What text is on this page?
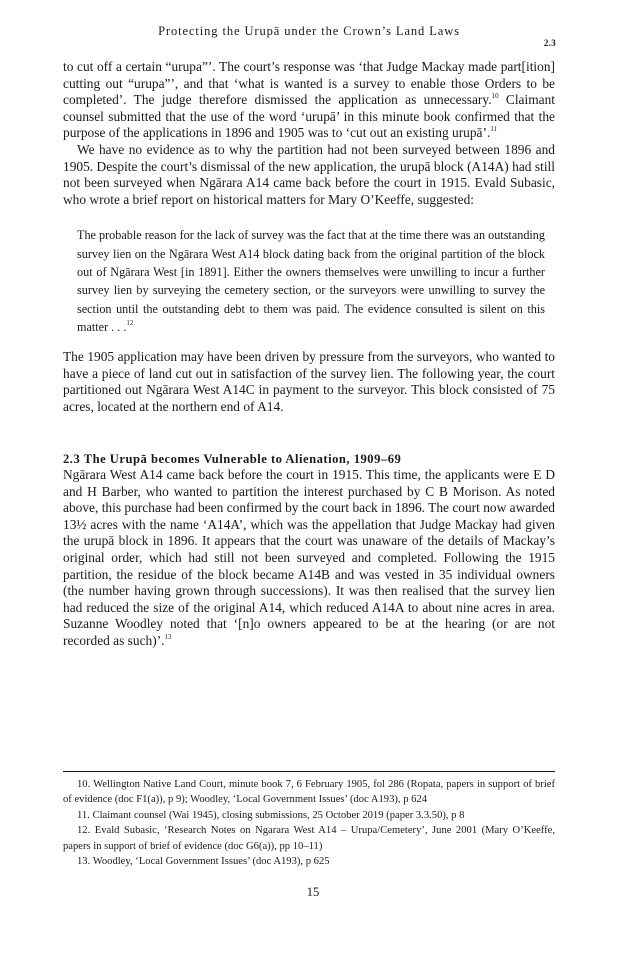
Protecting the Urupā under the Crown’s Land Laws
2.3

to cut off a certain “urupa”’. The court’s response was ‘that Judge Mackay made part[ition] cutting out “urupa”’, and that ‘what is wanted is a survey to enable those Orders to be completed’. The judge therefore dismissed the application as unnecessary.$^{10}$ Claimant counsel submitted that the use of the word ‘urupā’ in this minute book confirmed that the purpose of the applications in 1896 and 1905 was to ‘cut out an existing urupā’.$^{11}$

We have no evidence as to why the partition had not been surveyed between 1896 and 1905. Despite the court’s dismissal of the new application, the urupā block (A14A) had still not been surveyed when Ngārara A14 came back before the court in 1915. Evald Subasic, who wrote a brief report on historical matters for Mary O’Keeffe, suggested:

The probable reason for the lack of survey was the fact that at the time there was an outstanding survey lien on the Ngārara West A14 block dating back from the original partition of the block out of Ngārara West [in 1891]. Either the owners themselves were unwilling to incur a further survey lien by surveying the cemetery section, or the surveyors were unwilling to survey the section until the outstanding debt to them was paid. The evidence consulted is silent on this matter . . .$^{12}$

The 1905 application may have been driven by pressure from the surveyors, who wanted to have a piece of land cut out in satisfaction of the survey lien. The following year, the court partitioned out Ngārara West A14C in payment to the surveyor. This block consisted of 75 acres, located at the northern end of A14.

2.3 The Urupā becomes Vulnerable to Alienation, 1909–69

Ngārara West A14 came back before the court in 1915. This time, the applicants were E D and H Barber, who wanted to partition the interest purchased by C B Morison. As noted above, this purchase had been confirmed by the court back in 1896. The court now awarded 13½ acres with the name ‘A14A’, which was the appellation that Judge Mackay had given the urupā block in 1896. It appears that the court was unaware of the details of Mackay’s original order, which had still not been surveyed and completed. Following the 1915 partition, the residue of the block became A14B and was vested in 35 individual owners (the number having grown through successions). It was then realised that the survey lien had reduced the size of the original A14, which reduced A14A to about nine acres in area. Suzanne Woodley noted that ‘[n]o owners appeared to be at the hearing (or are not recorded as such)’.$^{13}$

10. Wellington Native Land Court, minute book 7, 6 February 1905, fol 286 (Ropata, papers in support of brief of evidence (doc F1(a)), p 9); Woodley, ‘Local Government Issues’ (doc A193), p 624
11. Claimant counsel (Wai 1945), closing submissions, 25 October 2019 (paper 3.3.50), p 8
12. Evald Subasic, ‘Research Notes on Ngarara West A14 – Urupa/Cemetery’, June 2001 (Mary O’Keeffe, papers in support of brief of evidence (doc G6(a)), pp 10–11)
13. Woodley, ‘Local Government Issues’ (doc A193), p 625
15
